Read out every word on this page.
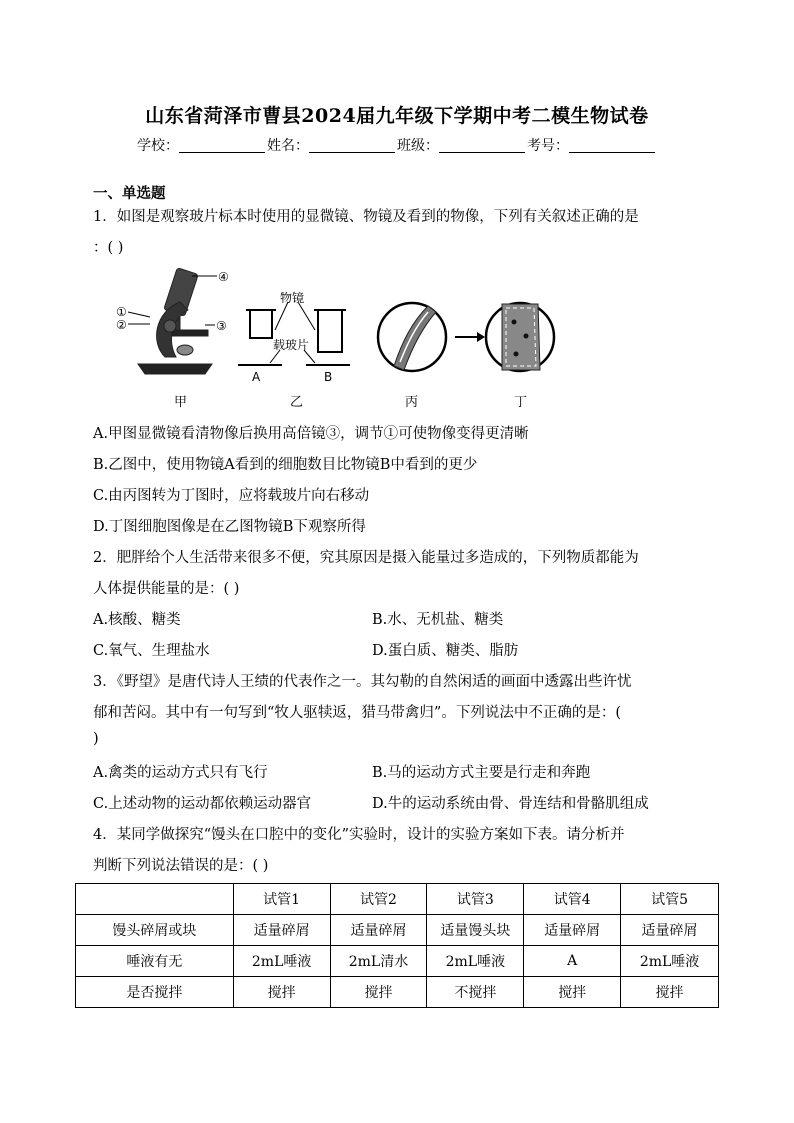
山东省菏泽市曹县2024届九年级下学期中考二模生物试卷
学校：	姓名：	班级：	考号：
一、单选题
1．如图是观察玻片标本时使用的显微镜、物镜及看到的物像，下列有关叙述正确的是
：( )
①
②	③
④
物镜
载玻片
A	B
甲	乙	丙	丁
A.甲图显微镜看清物像后换用高倍镜③，调节①可使物像变得更清晰
B.乙图中，使用物镜A看到的细胞数目比物镜B中看到的更少
C.由丙图转为丁图时，应将载玻片向右移动
D.丁图细胞图像是在乙图物镜B下观察所得
2．肥胖给个人生活带来很多不便，究其原因是摄入能量过多造成的，下列物质都能为
人体提供能量的是：( )
A.核酸、糖类	B.水、无机盐、糖类
C.氧气、生理盐水	D.蛋白质、糖类、脂肪
3．《野望》是唐代诗人王绩的代表作之一。其勾勒的自然闲适的画面中透露出些许忧
郁和苦闷。其中有一句写到“牧人驱犊返，猎马带禽归”。下列说法中不正确的是：(
)
A.禽类的运动方式只有飞行	B.马的运动方式主要是行走和奔跑
C.上述动物的运动都依赖运动器官	D.牛的运动系统由骨、骨连结和骨骼肌组成
4．某同学做探究“馒头在口腔中的变化”实验时，设计的实验方案如下表。请分析并
判断下列说法错误的是：( )
	试管1	试管2	试管3	试管4	试管5
馒头碎屑或块	适量碎屑	适量碎屑	适量馒头块	适量碎屑	适量碎屑
唾液有无	2mL唾液	2mL清水	2mL唾液	A	2mL唾液
是否搅拌	搅拌	搅拌	不搅拌	搅拌	搅拌
